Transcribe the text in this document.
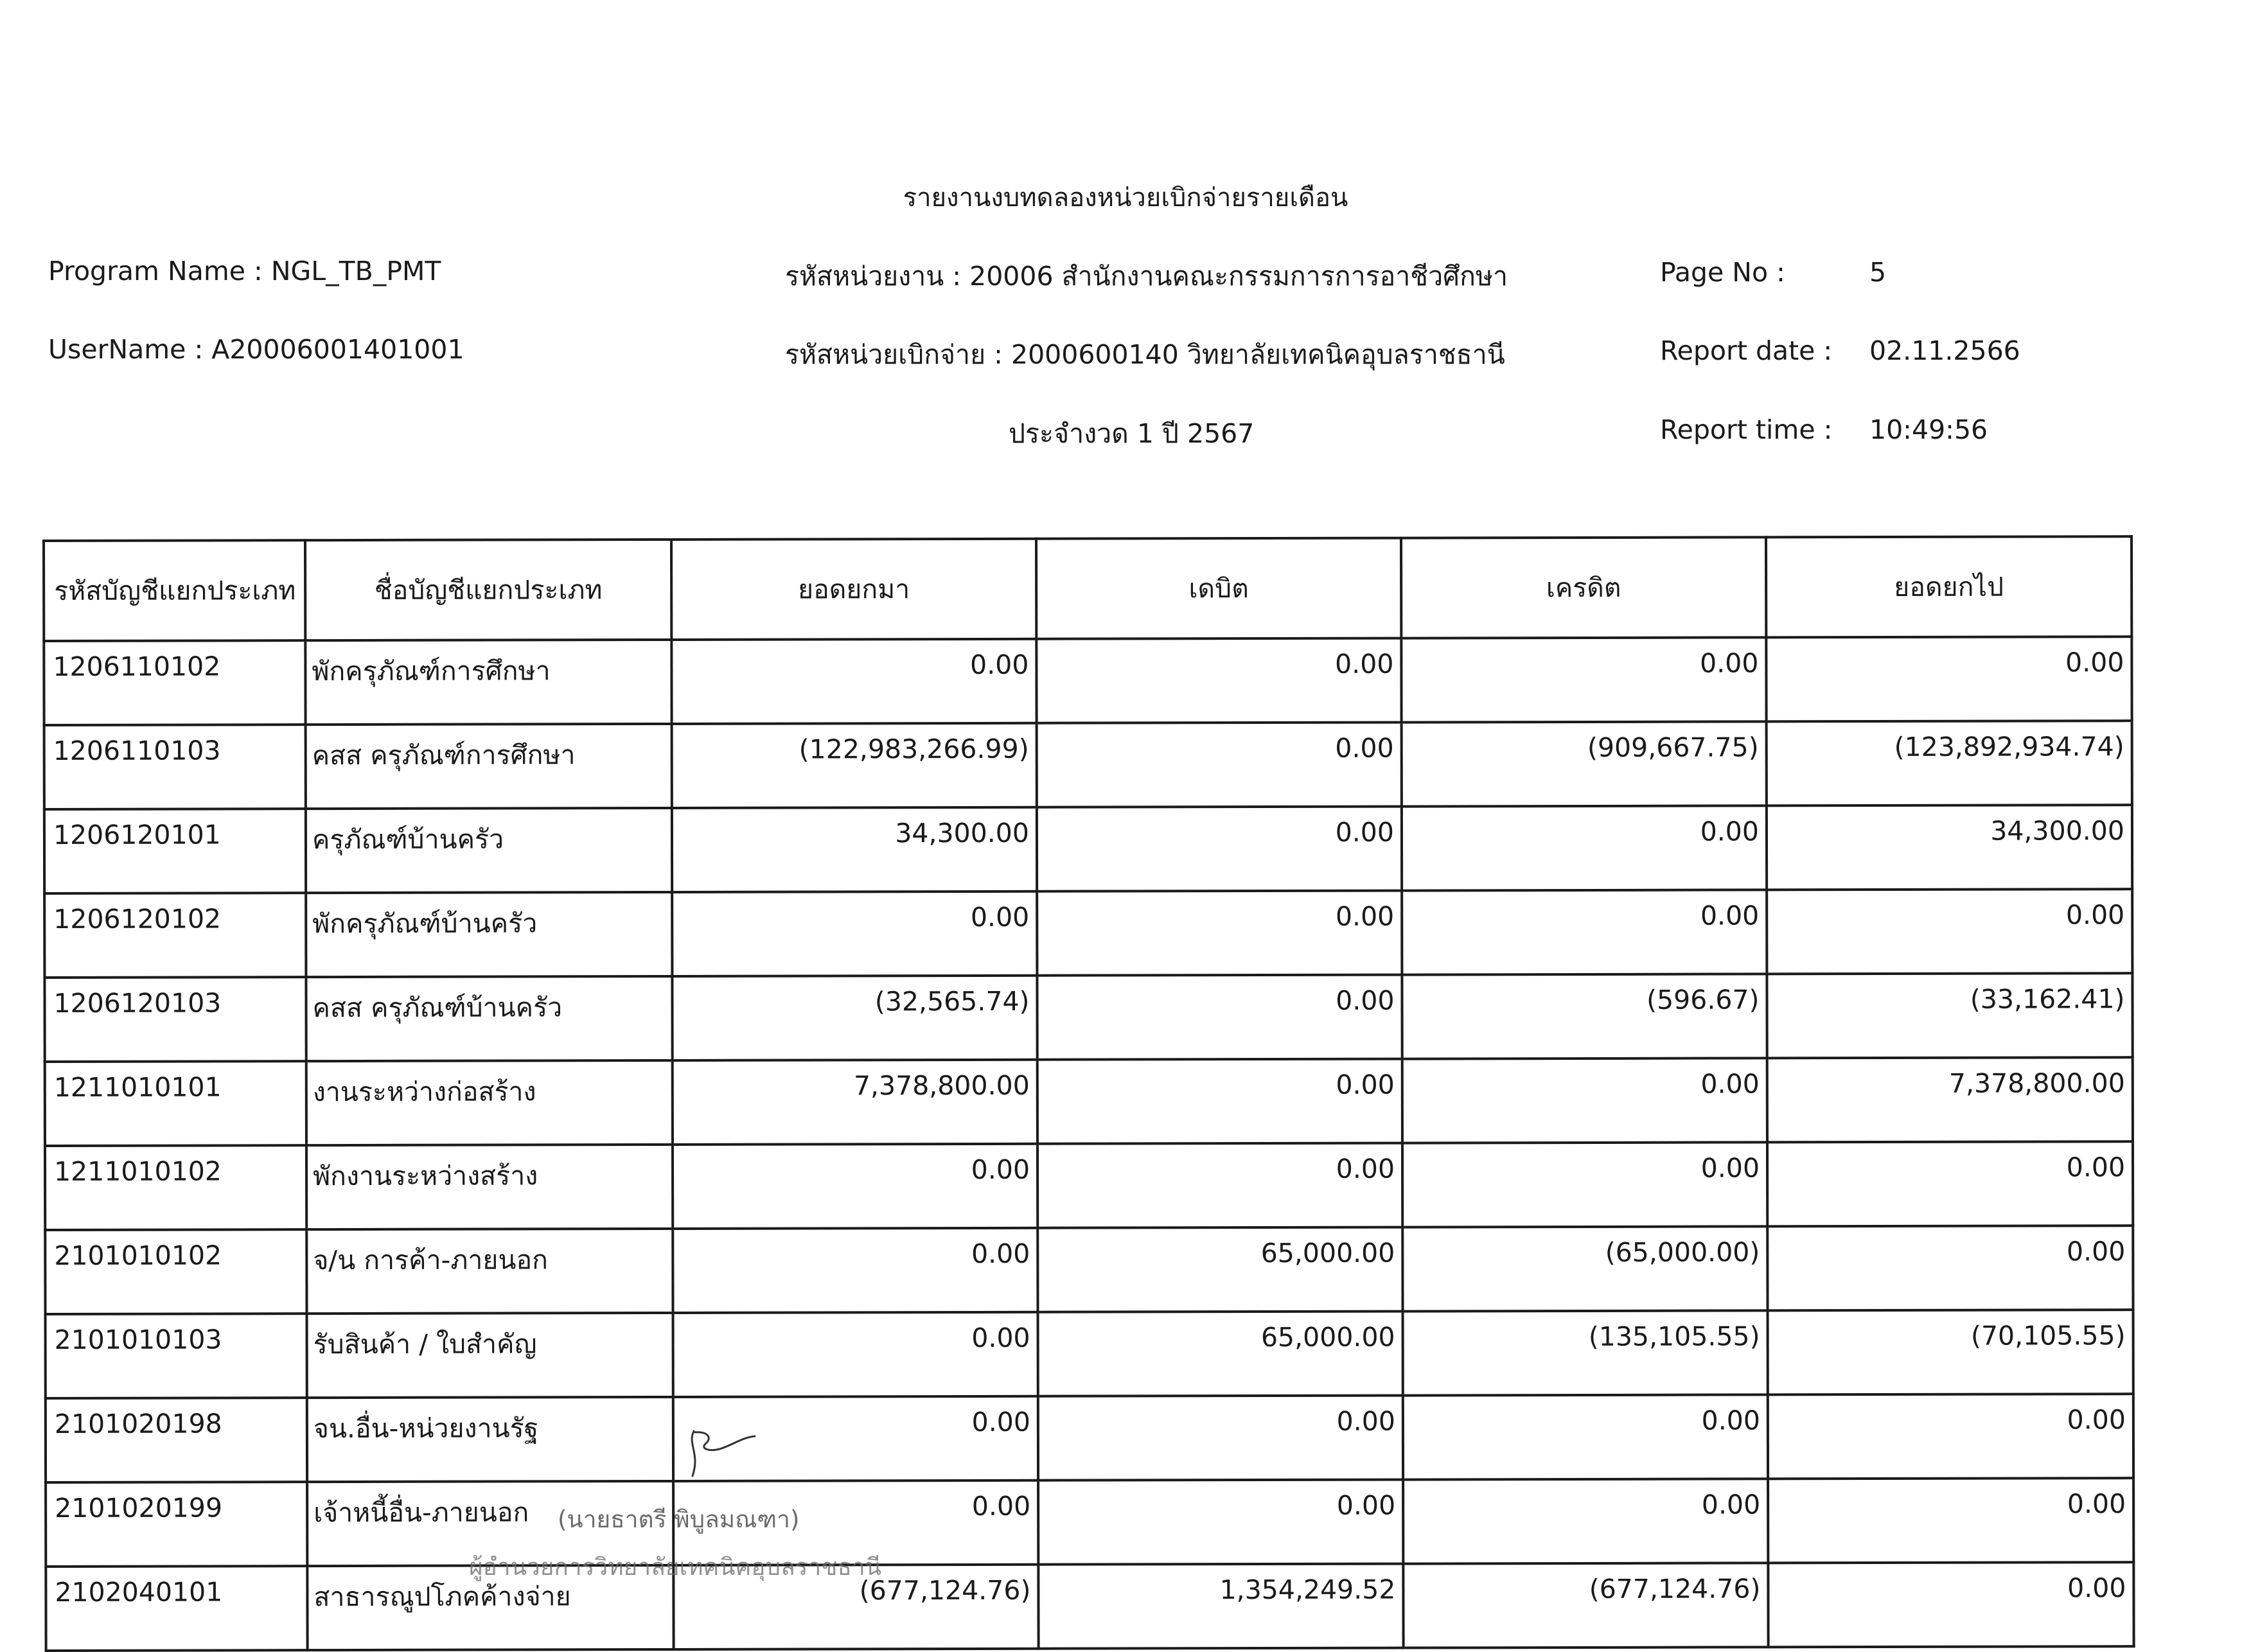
รายงานงบทดลองหน่วยเบิกจ่ายรายเดือน
Program Name : NGL_TB_PMT
UserName : A20006001401001
รหัสหน่วยงาน : 20006 สำนักงานคณะกรรมการการอาชีวศึกษา
รหัสหน่วยเบิกจ่าย : 2000600140 วิทยาลัยเทคนิคอุบลราชธานี
ประจำงวด 1 ปี 2567
Page No :	5
Report date : 02.11.2566
Report time : 10:49:56
รหัสบัญชีแยกประเภท	ชื่อบัญชีแยกประเภท	ยอดยกมา	เดบิต	เครดิต	ยอดยกไป
1206110102	พักครุภัณฑ์การศึกษา	0.00	0.00	0.00	0.00
1206110103	คสส ครุภัณฑ์การศึกษา	(122,983,266.99)	0.00	(909,667.75)	(123,892,934.74)
1206120101	ครุภัณฑ์บ้านครัว	34,300.00	0.00	0.00	34,300.00
1206120102	พักครุภัณฑ์บ้านครัว	0.00	0.00	0.00	0.00
1206120103	คสส ครุภัณฑ์บ้านครัว	(32,565.74)	0.00	(596.67)	(33,162.41)
1211010101	งานระหว่างก่อสร้าง	7,378,800.00	0.00	0.00	7,378,800.00
1211010102	พักงานระหว่างสร้าง	0.00	0.00	0.00	0.00
2101010102	จ/น การค้า-ภายนอก	0.00	65,000.00	(65,000.00)	0.00
2101010103	รับสินค้า / ใบสำคัญ	0.00	65,000.00	(135,105.55)	(70,105.55)
2101020198	จน.อื่น-หน่วยงานรัฐ	0.00	0.00	0.00	0.00
2101020199	เจ้าหนี้อื่น-ภายนอก	0.00	0.00	0.00	0.00
2102040101	สาธารณูปโภคค้างจ่าย	(677,124.76)	1,354,249.52	(677,124.76)	0.00
(นายธาตรี พิบูลมณฑา)
ผู้อำนวยการวิทยาลัยเทคนิคอุบลราชธานี
